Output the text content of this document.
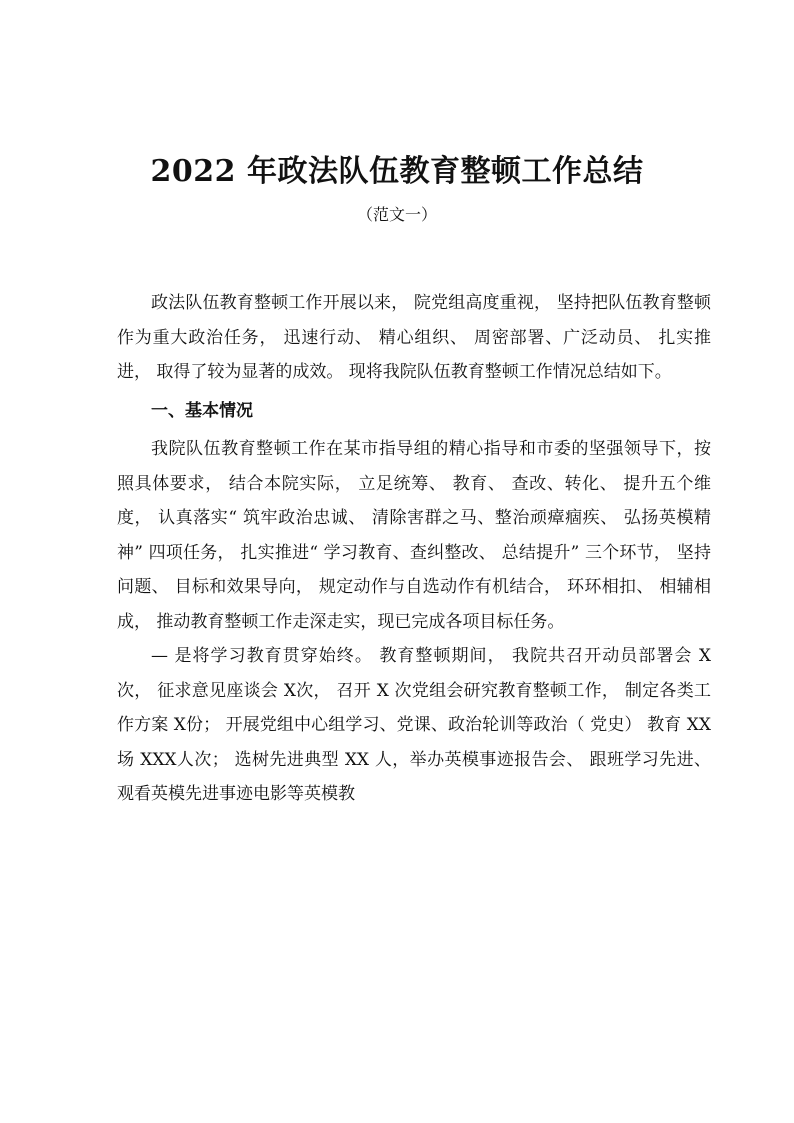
2022 年政法队伍教育整顿工作总结
（范文一）

政法队伍教育整顿工作开展以来， 院党组高度重视， 坚持把队伍教育整顿作为重大政治任务， 迅速行动、 精心组织、 周密部署、广泛动员、 扎实推进， 取得了较为显著的成效。 现将我院队伍教育整顿工作情况总结如下。

一、基本情况

我院队伍教育整顿工作在某市指导组的精心指导和市委的坚强领导下，按照具体要求， 结合本院实际， 立足统筹、 教育、 查改、转化、 提升五个维度， 认真落实“ 筑牢政治忠诚、 清除害群之马、整治顽瘴痼疾、 弘扬英模精神” 四项任务， 扎实推进“ 学习教育、查纠整改、 总结提升” 三个环节， 坚持问题、 目标和效果导向， 规定动作与自选动作有机结合， 环环相扣、 相辅相成， 推动教育整顿工作走深走实，现已完成各项目标任务。

— 是将学习教育贯穿始终。 教育整顿期间， 我院共召开动员部署会 X 次， 征求意见座谈会 X次， 召开 X 次党组会研究教育整顿工作， 制定各类工作方案 X份； 开展党组中心组学习、党课、政治轮训等政治（ 党史） 教育 XX场 XXX人次； 选树先进典型 XX 人，举办英模事迹报告会、 跟班学习先进、 观看英模先进事迹电影等英模教
